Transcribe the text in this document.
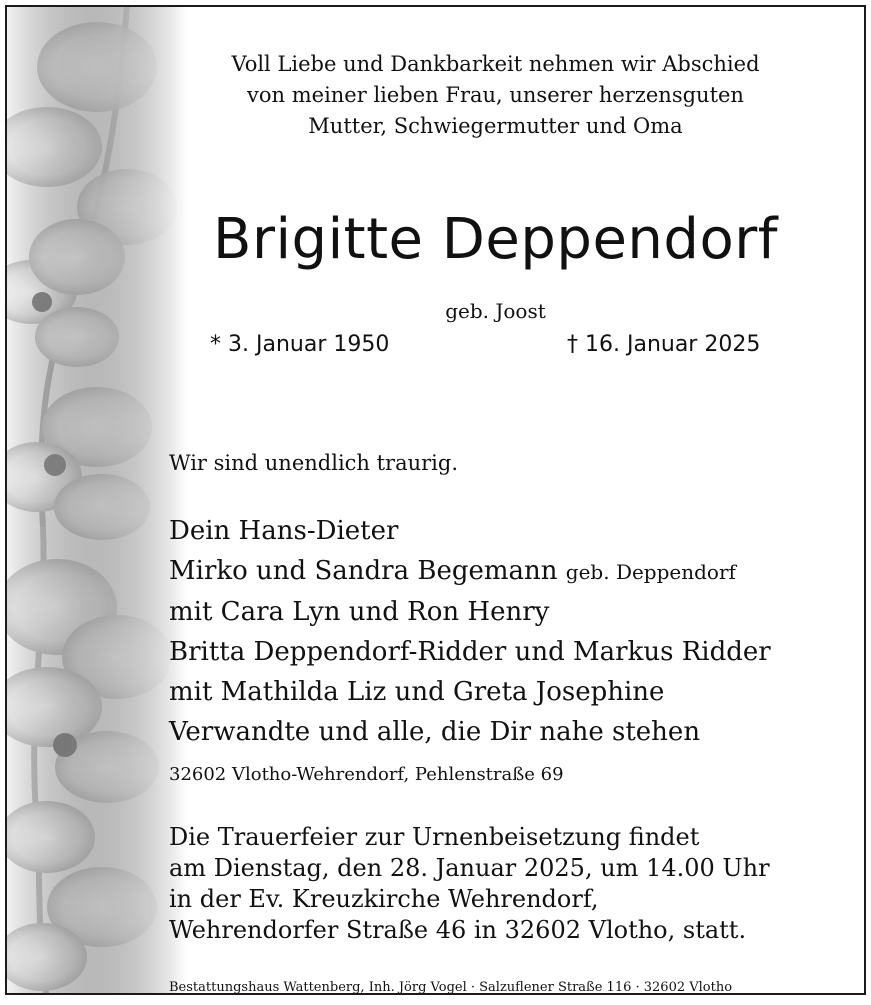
Voll Liebe und Dankbarkeit nehmen wir Abschied
von meiner lieben Frau, unserer herzensguten
Mutter, Schwiegermutter und Oma
Brigitte Deppendorf
geb. Joost
* 3. Januar 1950	† 16. Januar 2025
Wir sind unendlich traurig.
Dein Hans-Dieter
Mirko und Sandra Begemann geb. Deppendorf
mit Cara Lyn und Ron Henry
Britta Deppendorf-Ridder und Markus Ridder
mit Mathilda Liz und Greta Josephine
Verwandte und alle, die Dir nahe stehen
32602 Vlotho-Wehrendorf, Pehlenstraße 69
Die Trauerfeier zur Urnenbeisetzung findet
am Dienstag, den 28. Januar 2025, um 14.00 Uhr
in der Ev. Kreuzkirche Wehrendorf,
Wehrendorfer Straße 46 in 32602 Vlotho, statt.
Bestattungshaus Wattenberg, Inh. Jörg Vogel · Salzuflener Straße 116 · 32602 Vlotho
